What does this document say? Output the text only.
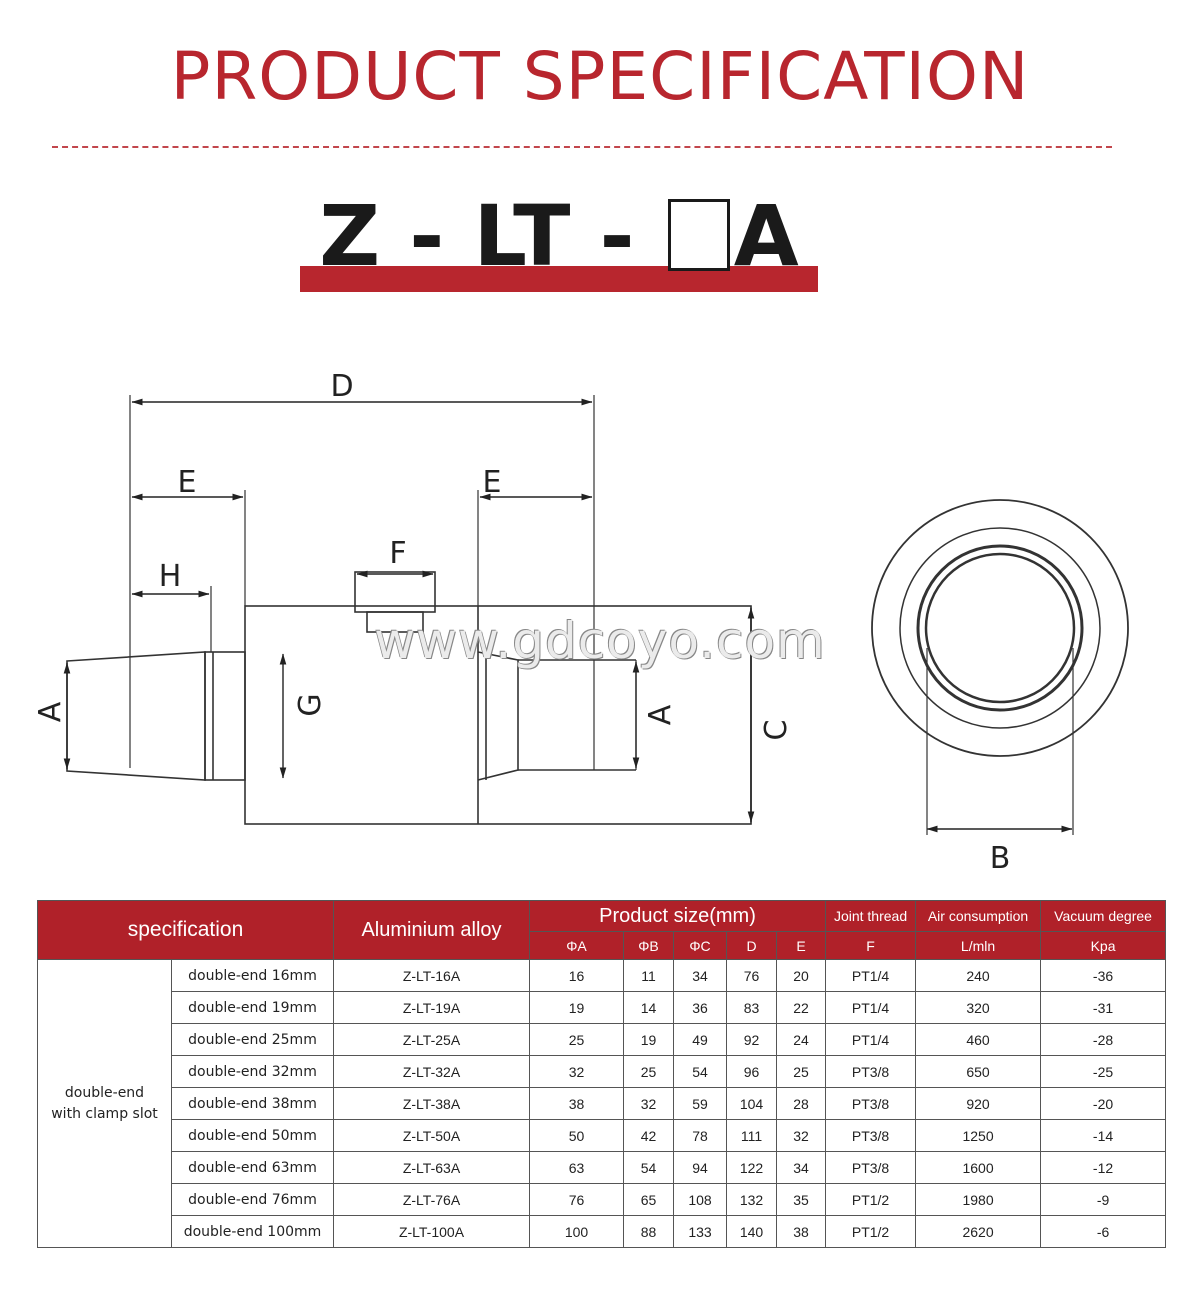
PRODUCT SPECIFICATION
Z - LT - A
D
E	E
H
F
B
A	G	A
C
www.gdcoyo.com
specification		Aluminium alloy	Product size(mm)					Joint thread	Air consumption	Vacuum degree
			ΦA	ΦB	ΦC	D	E	F	L/mln	Kpa
double-end
with clamp slot	double-end 16mm	Z-LT-16A	16	11	34	76	20	PT1/4	240	-36
	double-end 19mm	Z-LT-19A	19	14	36	83	22	PT1/4	320	-31
	double-end 25mm	Z-LT-25A	25	19	49	92	24	PT1/4	460	-28
	double-end 32mm	Z-LT-32A	32	25	54	96	25	PT3/8	650	-25
	double-end 38mm	Z-LT-38A	38	32	59	104	28	PT3/8	920	-20
	double-end 50mm	Z-LT-50A	50	42	78	111	32	PT3/8	1250	-14
	double-end 63mm	Z-LT-63A	63	54	94	122	34	PT3/8	1600	-12
	double-end 76mm	Z-LT-76A	76	65	108	132	35	PT1/2	1980	-9
	double-end 100mm	Z-LT-100A	100	88	133	140	38	PT1/2	2620	-6
